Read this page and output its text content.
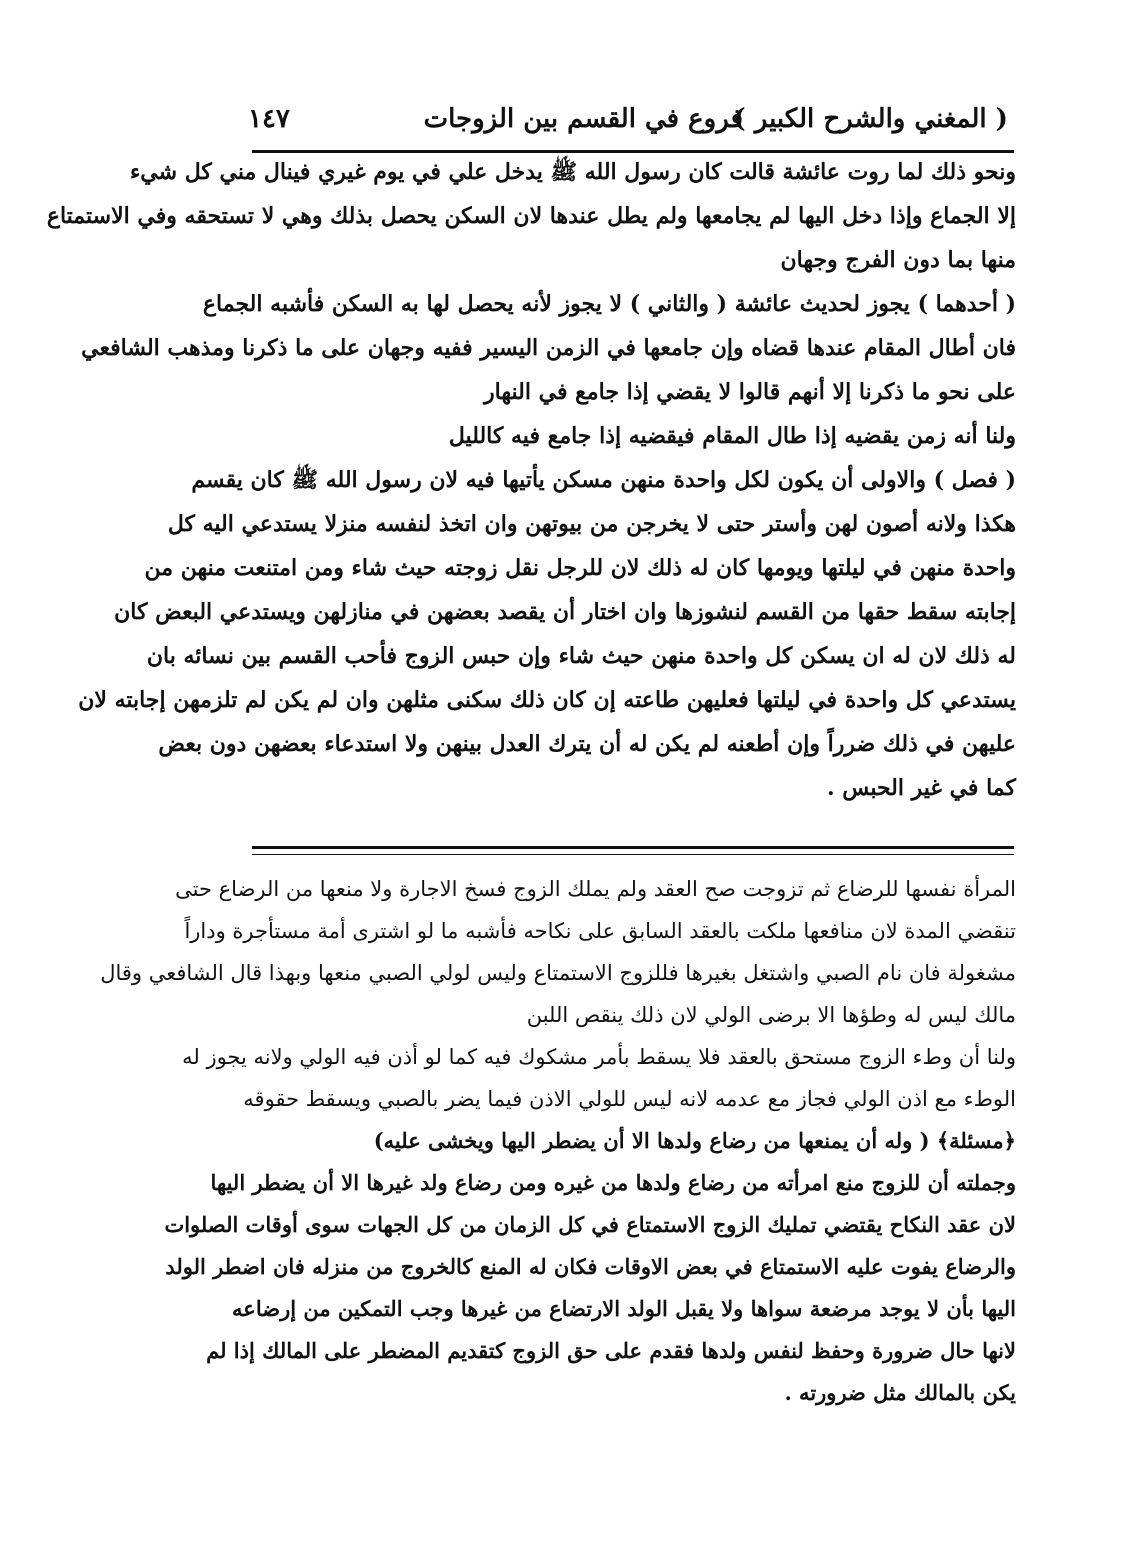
( المغني والشرح الكبير )
فروع في القسم بين الزوجات
١٤٧
ونحو ذلك لما روت عائشة قالت كان رسول الله ﷺ يدخل علي في يوم غيري فينال مني كل شيء
إلا الجماع وإذا دخل اليها لم يجامعها ولم يطل عندها لان السكن يحصل بذلك وهي لا تستحقه وفي الاستمتاع
منها بما دون الفرج وجهان
( أحدهما ) يجوز لحديث عائشة ( والثاني ) لا يجوز لأنه يحصل لها به السكن فأشبه الجماع
فان أطال المقام عندها قضاه وإن جامعها في الزمن اليسير ففيه وجهان على ما ذكرنا ومذهب الشافعي
على نحو ما ذكرنا إلا أنهم قالوا لا يقضي إذا جامع في النهار
ولنا أنه زمن يقضيه إذا طال المقام فيقضيه إذا جامع فيه كالليل
( فصل ) والاولى أن يكون لكل واحدة منهن مسكن يأتيها فيه لان رسول الله ﷺ كان يقسم
هكذا ولانه أصون لهن وأستر حتى لا يخرجن من بيوتهن وان اتخذ لنفسه منزلا يستدعي اليه كل
واحدة منهن في ليلتها ويومها كان له ذلك لان للرجل نقل زوجته حيث شاء ومن امتنعت منهن من
إجابته سقط حقها من القسم لنشوزها وان اختار أن يقصد بعضهن في منازلهن ويستدعي البعض كان
له ذلك لان له ان يسكن كل واحدة منهن حيث شاء وإن حبس الزوج فأحب القسم بين نسائه بان
يستدعي كل واحدة في ليلتها فعليهن طاعته إن كان ذلك سكنى مثلهن وان لم يكن لم تلزمهن إجابته لان
عليهن في ذلك ضرراً وإن أطعنه لم يكن له أن يترك العدل بينهن ولا استدعاء بعضهن دون بعض
كما في غير الحبس .
المرأة نفسها للرضاع ثم تزوجت صح العقد ولم يملك الزوج فسخ الاجارة ولا منعها من الرضاع حتى
تنقضي المدة لان منافعها ملكت بالعقد السابق على نكاحه فأشبه ما لو اشترى أمة مستأجرة وداراً
مشغولة فان نام الصبي واشتغل بغيرها فللزوج الاستمتاع وليس لولي الصبي منعها وبهذا قال الشافعي وقال
مالك ليس له وطؤها الا برضى الولي لان ذلك ينقص اللبن
ولنا أن وطء الزوج مستحق بالعقد فلا يسقط بأمر مشكوك فيه كما لو أذن فيه الولي ولانه يجوز له
الوطء مع اذن الولي فجاز مع عدمه لانه ليس للولي الاذن فيما يضر بالصبي ويسقط حقوقه
﴿مسئلة﴾ ( وله أن يمنعها من رضاع ولدها الا أن يضطر اليها ويخشى عليه)
وجملته أن للزوج منع امرأته من رضاع ولدها من غيره ومن رضاع ولد غيرها الا أن يضطر اليها
لان عقد النكاح يقتضي تمليك الزوج الاستمتاع في كل الزمان من كل الجهات سوى أوقات الصلوات
والرضاع يفوت عليه الاستمتاع في بعض الاوقات فكان له المنع كالخروج من منزله فان اضطر الولد
اليها بأن لا يوجد مرضعة سواها ولا يقبل الولد الارتضاع من غيرها وجب التمكين من إرضاعه
لانها حال ضرورة وحفظ لنفس ولدها فقدم على حق الزوج كتقديم المضطر على المالك إذا لم
يكن بالمالك مثل ضرورته .
